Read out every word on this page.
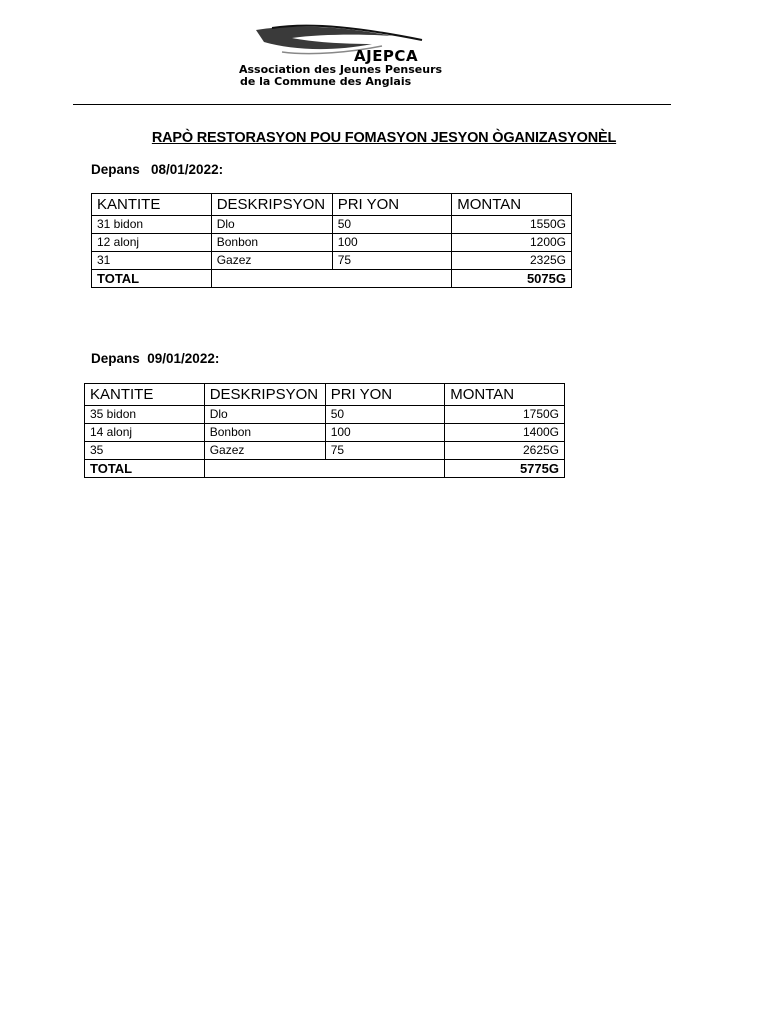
AJEPCA
Association des Jeunes Penseurs
de la Commune des Anglais
RAPÒ RESTORASYON POU FOMASYON JESYON ÒGANIZASYONÈL
Depans   08/01/2022:
KANTITE	DESKRIPSYON	PRI YON	MONTAN
31 bidon	Dlo	50	1550G
12 alonj	Bonbon	100	1200G
31	Gazez	75	2325G
TOTAL			5075G
Depans  09/01/2022:
KANTITE	DESKRIPSYON	PRI YON	MONTAN
35 bidon	Dlo	50	1750G
14 alonj	Bonbon	100	1400G
35	Gazez	75	2625G
TOTAL			5775G
